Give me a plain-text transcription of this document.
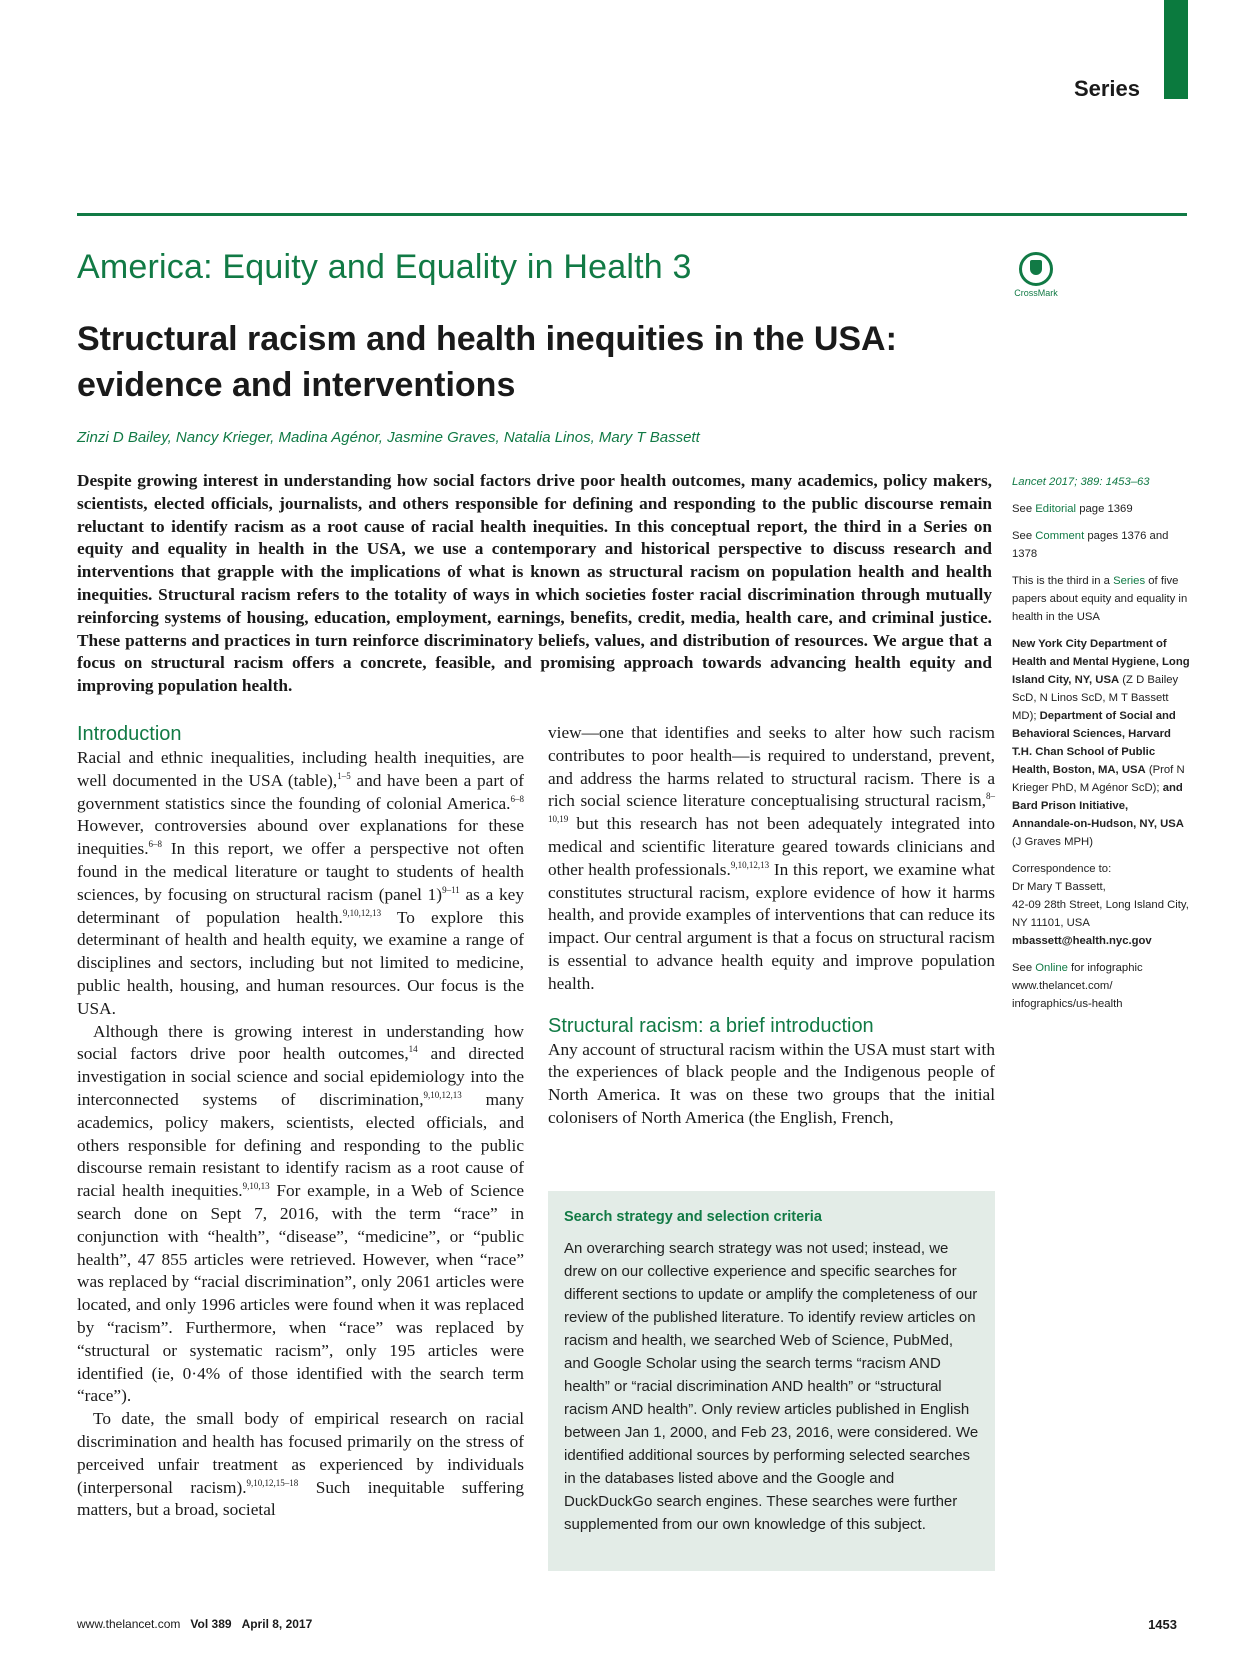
Series
America: Equity and Equality in Health 3
CrossMark
Structural racism and health inequities in the USA: evidence and interventions
Zinzi D Bailey, Nancy Krieger, Madina Agénor, Jasmine Graves, Natalia Linos, Mary T Bassett
Despite growing interest in understanding how social factors drive poor health outcomes, many academics, policy makers, scientists, elected officials, journalists, and others responsible for defining and responding to the public discourse remain reluctant to identify racism as a root cause of racial health inequities. In this conceptual report, the third in a Series on equity and equality in health in the USA, we use a contemporary and historical perspective to discuss research and interventions that grapple with the implications of what is known as structural racism on population health and health inequities. Structural racism refers to the totality of ways in which societies foster racial discrimination through mutually reinforcing systems of housing, education, employment, earnings, benefits, credit, media, health care, and criminal justice. These patterns and practices in turn reinforce discriminatory beliefs, values, and distribution of resources. We argue that a focus on structural racism offers a concrete, feasible, and promising approach towards advancing health equity and improving population health.
Introduction

Racial and ethnic inequalities, including health inequities, are well documented in the USA (table),$^{1-5}$ and have been a part of government statistics since the founding of colonial America.$^{6-8}$ However, controversies abound over explanations for these inequities.$^{6-8}$ In this report, we offer a perspective not often found in the medical literature or taught to students of health sciences, by focusing on structural racism (panel 1)$^{9-11}$ as a key determinant of population health.$^{9,10,12,13}$ To explore this determinant of health and health equity, we examine a range of disciplines and sectors, including but not limited to medicine, public health, housing, and human resources. Our focus is the USA.

Although there is growing interest in understanding how social factors drive poor health outcomes,$^{14}$ and directed investigation in social science and social epidemiology into the interconnected systems of discrimination,$^{9,10,12,13}$ many academics, policy makers, scientists, elected officials, and others responsible for defining and responding to the public discourse remain resistant to identify racism as a root cause of racial health inequities.$^{9,10,13}$ For example, in a Web of Science search done on Sept 7, 2016, with the term “race” in conjunction with “health”, “disease”, “medicine”, or “public health”, 47 855 articles were retrieved. However, when “race” was replaced by “racial discrimination”, only 2061 articles were located, and only 1996 articles were found when it was replaced by “racism”. Furthermore, when “race” was replaced by “structural or systematic racism”, only 195 articles were identified (ie, 0·4% of those identified with the search term “race”).

To date, the small body of empirical research on racial discrimination and health has focused primarily on the stress of perceived unfair treatment as experienced by individuals (interpersonal racism).$^{9,10,12,15-18}$ Such inequitable suffering matters, but a broad, societal

view—one that identifies and seeks to alter how such racism contributes to poor health—is required to understand, prevent, and address the harms related to structural racism. There is a rich social science literature conceptualising structural racism,$^{8-10,19}$ but this research has not been adequately integrated into medical and scientific literature geared towards clinicians and other health professionals.$^{9,10,12,13}$ In this report, we examine what constitutes structural racism, explore evidence of how it harms health, and provide examples of interventions that can reduce its impact. Our central argument is that a focus on structural racism is essential to advance health equity and improve population health.

Structural racism: a brief introduction

Any account of structural racism within the USA must start with the experiences of black people and the Indigenous people of North America. It was on these two groups that the initial colonisers of North America (the English, French,

Lancet 2017; 389: 1453–63
See Editorial page 1369
See Comment pages 1376 and 1378
This is the third in a Series of five papers about equity and equality in health in the USA
New York City Department of Health and Mental Hygiene, Long Island City, NY, USA (Z D Bailey ScD, N Linos ScD, M T Bassett MD); Department of Social and Behavioral Sciences, Harvard T.H. Chan School of Public Health, Boston, MA, USA (Prof N Krieger PhD, M Agénor ScD); and Bard Prison Initiative, Annandale-on-Hudson, NY, USA (J Graves MPH)
Correspondence to:
Dr Mary T Bassett,
42-09 28th Street, Long Island City, NY 11101, USA
mbassett@health.nyc.gov
See Online for infographic www.thelancet.com/ infographics/us-health
Search strategy and selection criteria
An overarching search strategy was not used; instead, we drew on our collective experience and specific searches for different sections to update or amplify the completeness of our review of the published literature. To identify review articles on racism and health, we searched Web of Science, PubMed, and Google Scholar using the search terms “racism AND health” or “racial discrimination AND health” or “structural racism AND health”. Only review articles published in English between Jan 1, 2000, and Feb 23, 2016, were considered. We identified additional sources by performing selected searches in the databases listed above and the Google and DuckDuckGo search engines. These searches were further supplemented from our own knowledge of this subject.
www.thelancet.com Vol 389 April 8, 2017	1453
